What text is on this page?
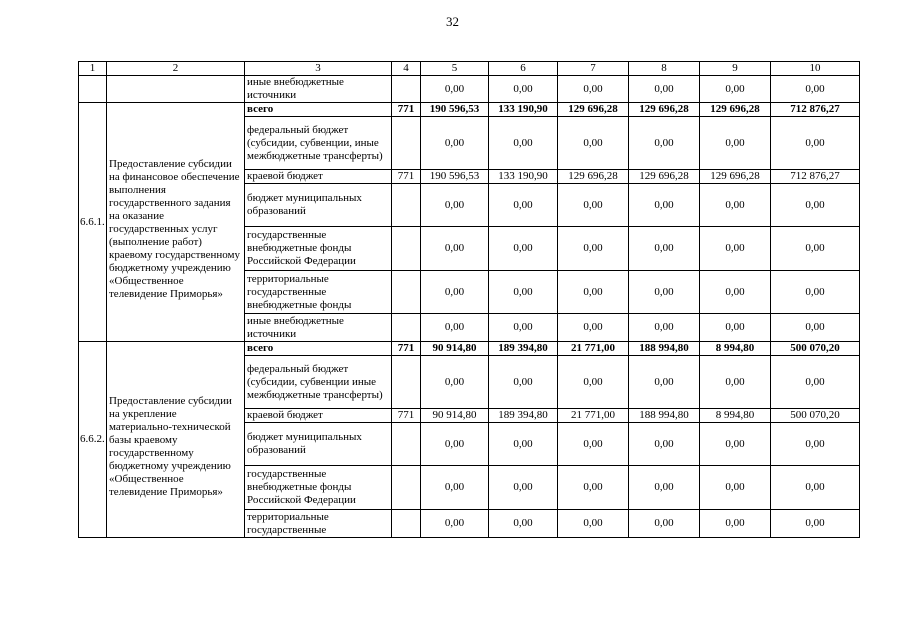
32
1	2	3	4	5	6	7	8	9	10
		иные внебюджетные источники		0,00	0,00	0,00	0,00	0,00	0,00
6.6.1.	Предоставление субсидии на финансовое обеспечение выполнения государственного задания на оказание государственных услуг (выполнение работ) краевому государственному бюджетному учреждению «Общественное телевидение Приморья»	всего	771	190 596,53	133 190,90	129 696,28	129 696,28	129 696,28	712 876,27
		федеральный бюджет (субсидии, субвенции, иные межбюджетные трансферты)		0,00	0,00	0,00	0,00	0,00	0,00
		краевой бюджет	771	190 596,53	133 190,90	129 696,28	129 696,28	129 696,28	712 876,27
		бюджет муниципальных образований		0,00	0,00	0,00	0,00	0,00	0,00
		государственные внебюджетные фонды Российской Федерации		0,00	0,00	0,00	0,00	0,00	0,00
		территориальные государственные внебюджетные фонды		0,00	0,00	0,00	0,00	0,00	0,00
		иные внебюджетные источники		0,00	0,00	0,00	0,00	0,00	0,00
6.6.2.	Предоставление субсидии на укрепление материально-технической базы краевому государственному бюджетному учреждению «Общественное телевидение Приморья»	всего	771	90 914,80	189 394,80	21 771,00	188 994,80	8 994,80	500 070,20
		федеральный бюджет (субсидии, субвенции иные межбюджетные трансферты)		0,00	0,00	0,00	0,00	0,00	0,00
		краевой бюджет	771	90 914,80	189 394,80	21 771,00	188 994,80	8 994,80	500 070,20
		бюджет муниципальных образований		0,00	0,00	0,00	0,00	0,00	0,00
		государственные внебюджетные фонды Российской Федерации		0,00	0,00	0,00	0,00	0,00	0,00
		территориальные государственные		0,00	0,00	0,00	0,00	0,00	0,00
